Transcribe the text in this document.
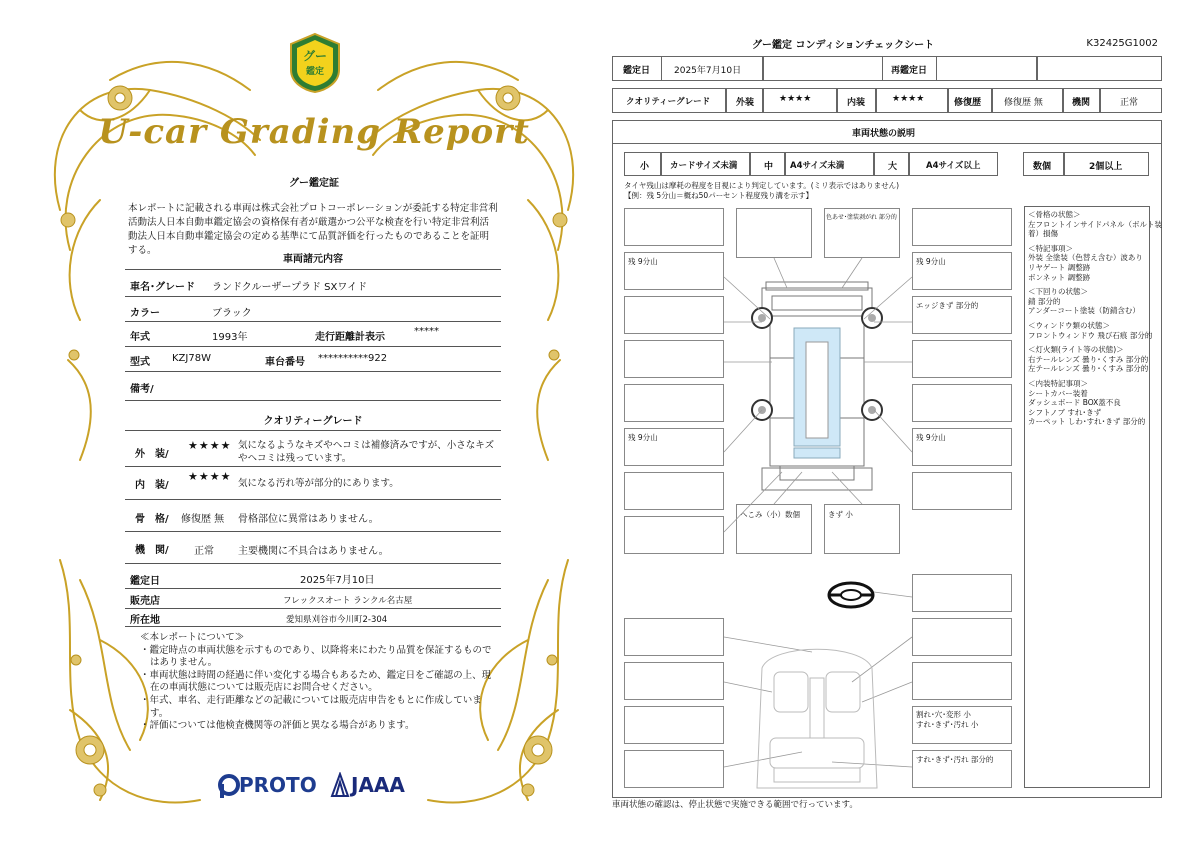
グー
鑑定
U-car Grading Report
グー鑑定証
本レポートに記載される車両は株式会社プロトコーポレーションが委託する特定非営利活動法人日本自動車鑑定協会の資格保有者が厳選かつ公平な検査を行い特定非営利活動法人日本自動車鑑定協会の定める基準にて品質評価を行ったものであることを証明する。
車両諸元内容
車名･グレード ランドクルーザープラド SXワイド
カラー	ブラック
年式	1993年	走行距離計表示
*****
型式 KZJ78W	車台番号 **********922
備考/
クオリティーグレード
外　装/
★★★★ 気になるようなキズやヘコミは補修済みですが、小さなキズやヘコミは残っています。
内　装/
★★★★
気になる汚れ等が部分的にあります。
骨　格/ 修復歴 無 骨格部位に異常はありません。
機　関/	正常 主要機関に不具合はありません。
鑑定日	2025年7月10日
販売店	フレックスオート ランクル名古屋
所在地	愛知県刈谷市今川町2-304
≪本レポートについて≫
・鑑定時点の車両状態を示すものであり、以降将来にわたり品質を保証するものではありません。
・車両状態は時間の経過に伴い変化する場合もあるため、鑑定日をご確認の上、現在の車両状態については販売店にお問合せください。
・年式、車名、走行距離などの記載については販売店申告をもとに作成しています。
・評価については他検査機関等の評価と異なる場合があります。
PROTO JAAA
グー鑑定 コンディションチェックシート	K32425G1002
鑑定日	2025年7月10日	再鑑定日
クオリティーグレード	外装	★★★★	内装	★★★★	修復歴	修復歴 無	機関	正常
車両状態の説明
小 カードサイズ未満	中 A4サイズ未満	大	A4サイズ以上	数個	2個以上
タイヤ残山は摩耗の程度を目視により判定しています。(ミリ表示ではありません)
【例：残 5分山＝概ね50パーセント程度残り溝を示す】
色あせ･塗装剥がれ 部分的
残 9分山	残 9分山
エッジきず 部分的
残 9分山	残 9分山
へこみ（小）数個	きず 小
割れ･穴･変形 小
すれ･きず･汚れ 小
すれ･きず･汚れ 部分的
＜骨格の状態＞
左フロントインサイドパネル（ボルト装着）損傷
＜特記事項＞
外装 全塗装（色替え含む）波あり
リヤゲート 調整跡
ボンネット 調整跡
＜下回りの状態＞
錆 部分的
アンダーコート塗装（防錆含む）
＜ウィンドウ類の状態＞
フロントウィンドウ 飛び石痕 部分的
＜灯火類(ライト等の状態)＞
右テールレンズ 曇り･くすみ 部分的
左テールレンズ 曇り･くすみ 部分的
＜内装特記事項＞
シートカバー装着
ダッシュボード BOX蓋不良
シフトノブ すれ･きず
カーペット しわ･すれ･きず 部分的
車両状態の確認は、停止状態で実施できる範囲で行っています。
